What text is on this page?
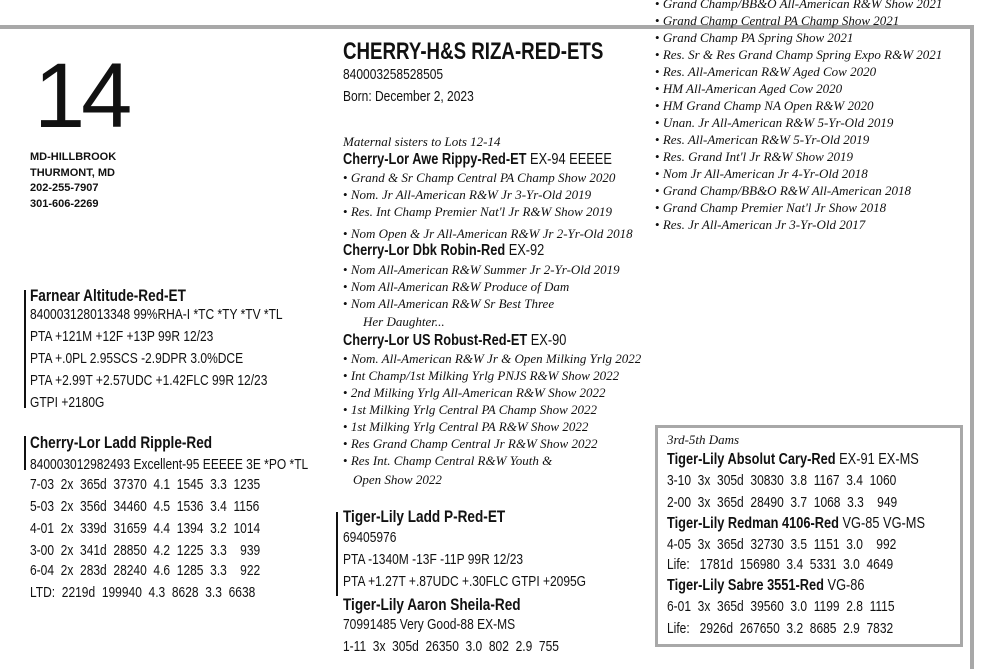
14
MD-HILLBROOK
THURMONT, MD
202-255-7907
301-606-2269
CHERRY-H&S RIZA-RED-ETS
840003258528505
Born: December 2, 2023
• Grand Champ/BB&O All-American R&W Show 2021
• Grand Champ Central PA Champ Show 2021
• Grand Champ PA Spring Show 2021
• Res. Sr & Res Grand Champ Spring Expo R&W 2021
• Res. All-American R&W Aged Cow 2020
• HM All-American Aged Cow 2020
• HM Grand Champ NA Open R&W 2020
• Unan. Jr All-American R&W 5-Yr-Old 2019
• Res. All-American R&W 5-Yr-Old 2019
• Res. Grand Int'l Jr R&W Show 2019
• Nom Jr All-American Jr 4-Yr-Old 2018
• Grand Champ/BB&O R&W All-American 2018
• Grand Champ Premier Nat'l Jr Show 2018
• Res. Jr All-American Jr 3-Yr-Old 2017
Maternal sisters to Lots 12-14
Cherry-Lor Awe Rippy-Red-ET EX-94 EEEEE
• Grand & Sr Champ Central PA Champ Show 2020
• Nom. Jr All-American R&W Jr 3-Yr-Old 2019
• Res. Int Champ Premier Nat'l Jr R&W Show 2019
• Nom Open & Jr All-American R&W Jr 2-Yr-Old 2018
Cherry-Lor Dbk Robin-Red EX-92
• Nom All-American R&W Summer Jr 2-Yr-Old 2019
• Nom All-American R&W Produce of Dam
• Nom All-American R&W Sr Best Three
Her Daughter...
Cherry-Lor US Robust-Red-ET EX-90
• Nom. All-American R&W Jr & Open Milking Yrlg 2022
• Int Champ/1st Milking Yrlg PNJS R&W Show 2022
• 2nd Milking Yrlg All-American R&W Show 2022
• 1st Milking Yrlg Central PA Champ Show 2022
• 1st Milking Yrlg Central PA R&W Show 2022
• Res Grand Champ Central Jr R&W Show 2022
• Res Int. Champ Central R&W Youth &
Open Show 2022
Farnear Altitude-Red-ET
840003128013348 99%RHA-I *TC *TY *TV *TL
PTA +121M +12F +13P 99R 12/23
PTA +.0PL 2.95SCS -2.9DPR 3.0%DCE
PTA +2.99T +2.57UDC +1.42FLC 99R 12/23
GTPI +2180G
Cherry-Lor Ladd Ripple-Red
840003012982493 Excellent-95 EEEEE 3E *PO *TL
7-03  2x  365d  37370  4.1  1545  3.3  1235
5-03  2x  356d  34460  4.5  1536  3.4  1156
4-01  2x  339d  31659  4.4  1394  3.2  1014
3-00  2x  341d  28850  4.2  1225  3.3    939
6-04  2x  283d  28240  4.6  1285  3.3    922
LTD:  2219d  199940  4.3  8628  3.3  6638
Tiger-Lily Ladd P-Red-ET
69405976
PTA -1340M -13F -11P 99R 12/23
PTA +1.27T +.87UDC +.30FLC GTPI +2095G
Tiger-Lily Aaron Sheila-Red
70991485 Very Good-88 EX-MS
1-11  3x  305d  26350  3.0  802  2.9  755
3rd-5th Dams
Tiger-Lily Absolut Cary-Red EX-91 EX-MS
3-10  3x  305d  30830  3.8  1167  3.4  1060
2-00  3x  365d  28490  3.7  1068  3.3    949
Tiger-Lily Redman 4106-Red VG-85 VG-MS
4-05  3x  365d  32730  3.5  1151  3.0    992
Life:   1781d  156980  3.4  5331  3.0  4649
Tiger-Lily Sabre 3551-Red VG-86
6-01  3x  365d  39560  3.0  1199  2.8  1115
Life:   2926d  267650  3.2  8685  2.9  7832
